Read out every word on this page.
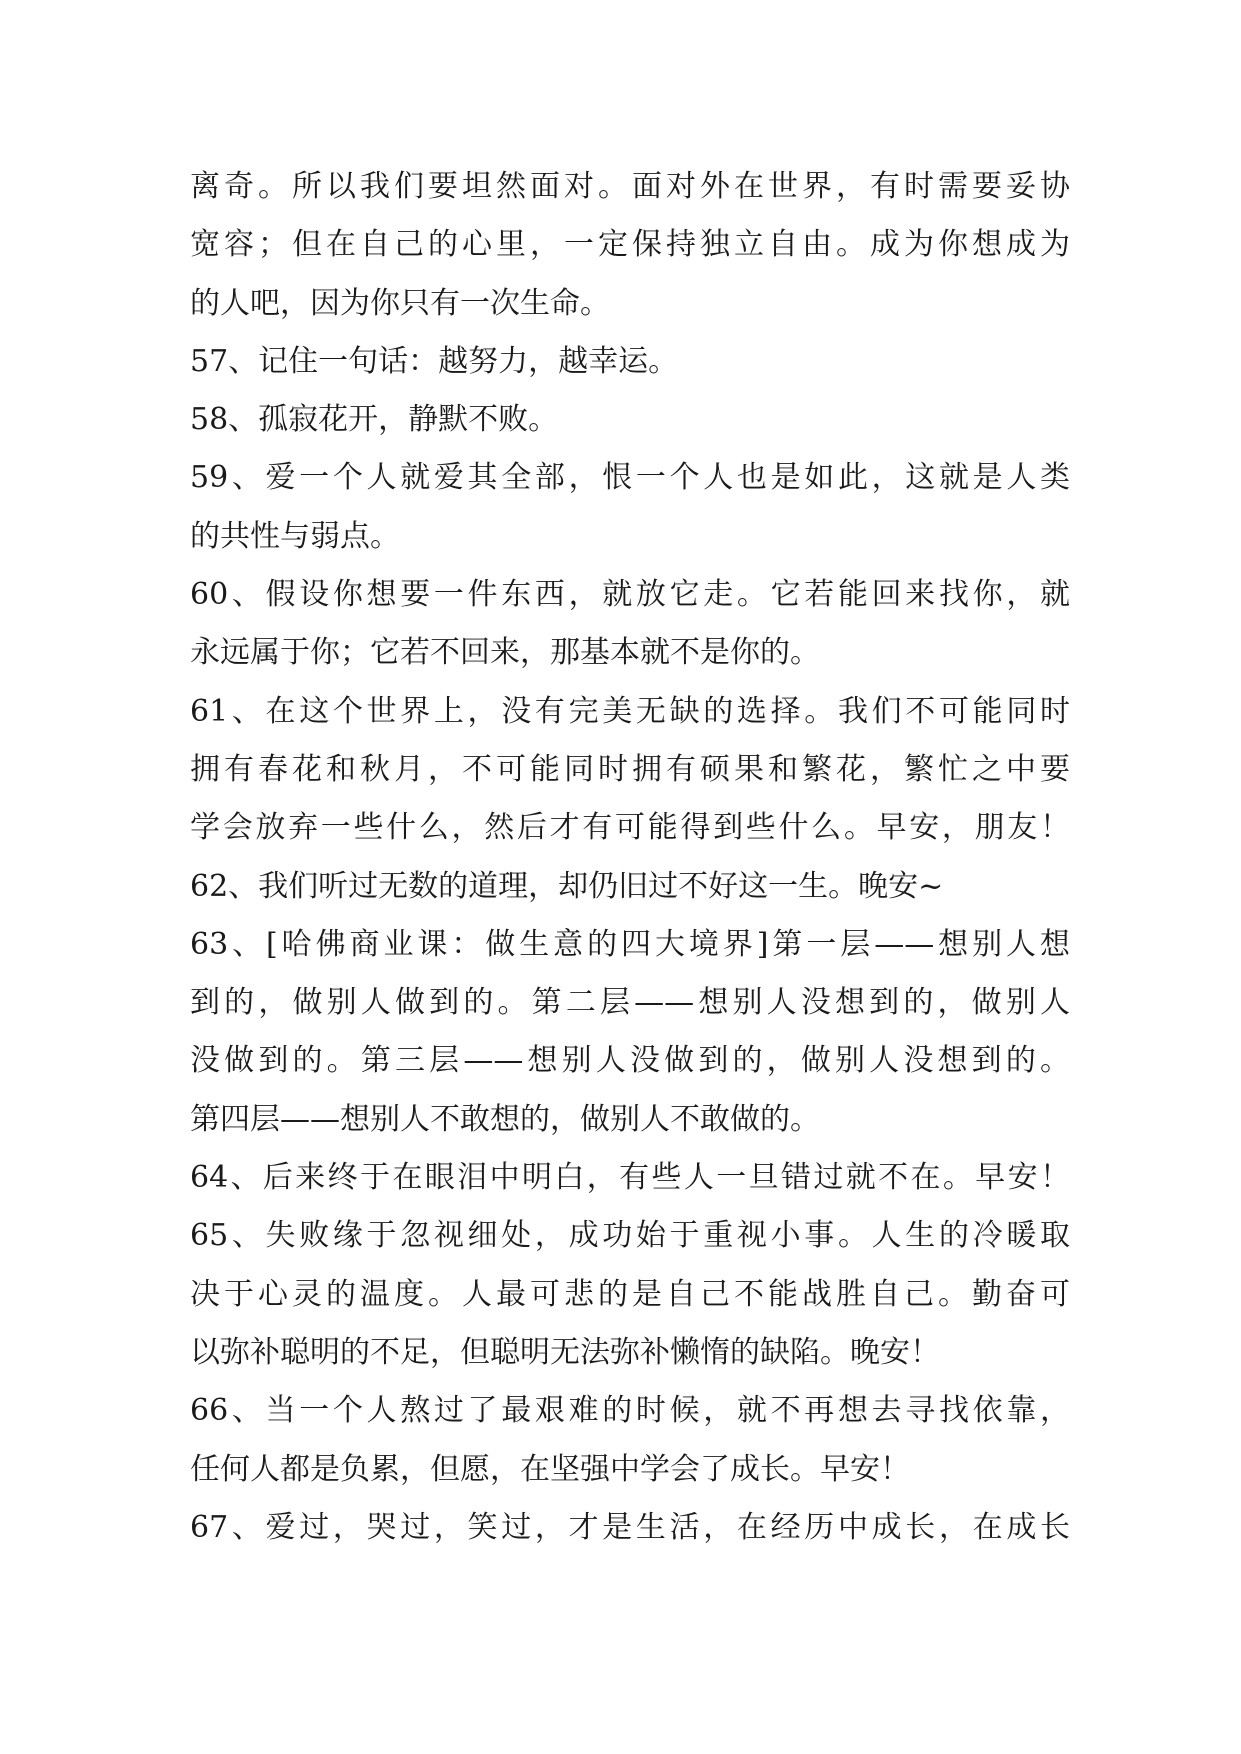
离奇。所以我们要坦然面对。面对外在世界，有时需要妥协
宽容；但在自己的心里，一定保持独立自由。成为你想成为
的人吧，因为你只有一次生命。
57、记住一句话：越努力，越幸运。
58、孤寂花开，静默不败。
59、爱一个人就爱其全部，恨一个人也是如此，这就是人类
的共性与弱点。
60、假设你想要一件东西，就放它走。它若能回来找你，就
永远属于你；它若不回来，那基本就不是你的。
61、在这个世界上，没有完美无缺的选择。我们不可能同时
拥有春花和秋月，不可能同时拥有硕果和繁花，繁忙之中要
学会放弃一些什么，然后才有可能得到些什么。早安，朋友！
62、我们听过无数的道理，却仍旧过不好这一生。晚安~
63、[哈佛商业课：做生意的四大境界]第一层——想别人想
到的，做别人做到的。第二层——想别人没想到的，做别人
没做到的。第三层——想别人没做到的，做别人没想到的。
第四层——想别人不敢想的，做别人不敢做的。
64、后来终于在眼泪中明白，有些人一旦错过就不在。早安！
65、失败缘于忽视细处，成功始于重视小事。人生的冷暖取
决于心灵的温度。人最可悲的是自己不能战胜自己。勤奋可
以弥补聪明的不足，但聪明无法弥补懒惰的缺陷。晚安！
66、当一个人熬过了最艰难的时候，就不再想去寻找依靠，
任何人都是负累，但愿，在坚强中学会了成长。早安！
67、爱过，哭过，笑过，才是生活，在经历中成长，在成长
